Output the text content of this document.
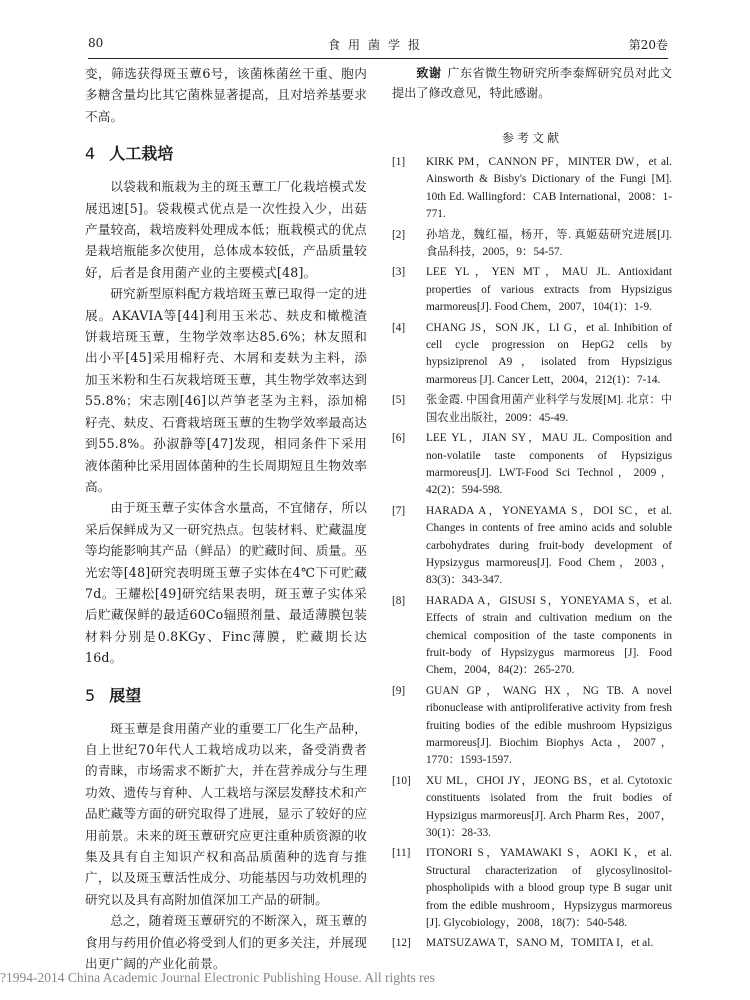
80	食用菌学报	第20卷

变，筛选获得斑玉蕈6号，该菌株菌丝干重、胞内多糖含量均比其它菌株显著提高，且对培养基要求不高。

4 人工栽培

以袋栽和瓶栽为主的斑玉蕈工厂化栽培模式发展迅速[5]。袋栽模式优点是一次性投入少，出菇产量较高，栽培废料处理成本低；瓶栽模式的优点是栽培瓶能多次使用，总体成本较低，产品质量较好，后者是食用菌产业的主要模式[48]。

研究新型原料配方栽培斑玉蕈已取得一定的进展。AKAVIA等[44]利用玉米芯、麸皮和橄榄渣饼栽培斑玉蕈，生物学效率达85.6%；林友照和出小平[45]采用棉籽壳、木屑和麦麸为主料，添加玉米粉和生石灰栽培斑玉蕈，其生物学效率达到55.8%；宋志刚[46]以芦笋老茎为主料，添加棉籽壳、麸皮、石膏栽培斑玉蕈的生物学效率最高达到55.8%。孙淑静等[47]发现，相同条件下采用液体菌种比采用固体菌种的生长周期短且生物效率高。

由于斑玉蕈子实体含水量高，不宜储存，所以采后保鲜成为又一研究热点。包装材料、贮藏温度等均能影响其产品（鲜品）的贮藏时间、质量。巫光宏等[48]研究表明斑玉蕈子实体在4℃下可贮藏7d。王耀松[49]研究结果表明，斑玉蕈子实体采后贮藏保鲜的最适60Co辐照剂量、最适薄膜包装材料分别是0.8KGy、Finc薄膜，贮藏期长达16d。

5 展望

斑玉蕈是食用菌产业的重要工厂化生产品种，自上世纪70年代人工栽培成功以来，备受消费者的青睐，市场需求不断扩大，并在营养成分与生理功效、遗传与育种、人工栽培与深层发酵技术和产品贮藏等方面的研究取得了进展，显示了较好的应用前景。未来的斑玉蕈研究应更注重种质资源的收集及具有自主知识产权和高品质菌种的选育与推广，以及斑玉蕈活性成分、功能基因与功效机理的研究以及具有高附加值深加工产品的研制。

总之，随着斑玉蕈研究的不断深入，斑玉蕈的食用与药用价值必将受到人们的更多关注，并展现出更广阔的产业化前景。

致谢 广东省微生物研究所李泰辉研究员对此文提出了修改意见，特此感谢。

参考文献
[1]	KIRK PM，CANNON PF，MINTER DW，et al. Ainsworth & Bisby's Dictionary of the Fungi [M]. 10th Ed. Wallingford：CAB International，2008：1-771.
[2]	孙培龙，魏红福，杨开，等. 真姬菇研究进展[J]. 食品科技，2005，9：54-57.
[3]	LEE YL，YEN MT，MAU JL. Antioxidant properties of various extracts from Hypsizigus marmoreus[J]. Food Chem，2007，104(1)：1-9.
[4]	CHANG JS，SON JK，LI G，et al. Inhibition of cell cycle progression on HepG2 cells by hypsiziprenol A9，isolated from Hypsizigus marmoreus [J]. Cancer Lett，2004，212(1)：7-14.
[5]	张金霞. 中国食用菌产业科学与发展[M]. 北京：中国农业出版社，2009：45-49.
[6]	LEE YL，JIAN SY，MAU JL. Composition and non-volatile taste components of Hypsizigus marmoreus[J]. LWT-Food Sci Technol，2009，42(2)：594-598.
[7]	HARADA A，YONEYAMA S，DOI SC，et al. Changes in contents of free amino acids and soluble carbohydrates during fruit-body development of Hypsizygus marmoreus[J]. Food Chem，2003，83(3)：343-347.
[8]	HARADA A，GISUSI S，YONEYAMA S，et al. Effects of strain and cultivation medium on the chemical composition of the taste components in fruit-body of Hypsizygus marmoreus [J]. Food Chem，2004，84(2)：265-270.
[9]	GUAN GP，WANG HX，NG TB. A novel ribonuclease with antiproliferative activity from fresh fruiting bodies of the edible mushroom Hypsizigus marmoreus[J]. Biochim Biophys Acta，2007，1770：1593-1597.
[10]	XU ML，CHOI JY，JEONG BS，et al. Cytotoxic constituents isolated from the fruit bodies of Hypsizigus marmoreus[J]. Arch Pharm Res，2007，30(1)：28-33.
[11]	ITONORI S，YAMAWAKI S，AOKI K，et al. Structural characterization of glycosylinositol-phospholipids with a blood group type B sugar unit from the edible mushroom，Hypsizygus marmoreus [J]. Glycobiology，2008，18(7)：540-548.
[12]	MATSUZAWA T，SANO M，TOMITA I，et al.
?1994-2014 China Academic Journal Electronic Publishing House. All rights res
